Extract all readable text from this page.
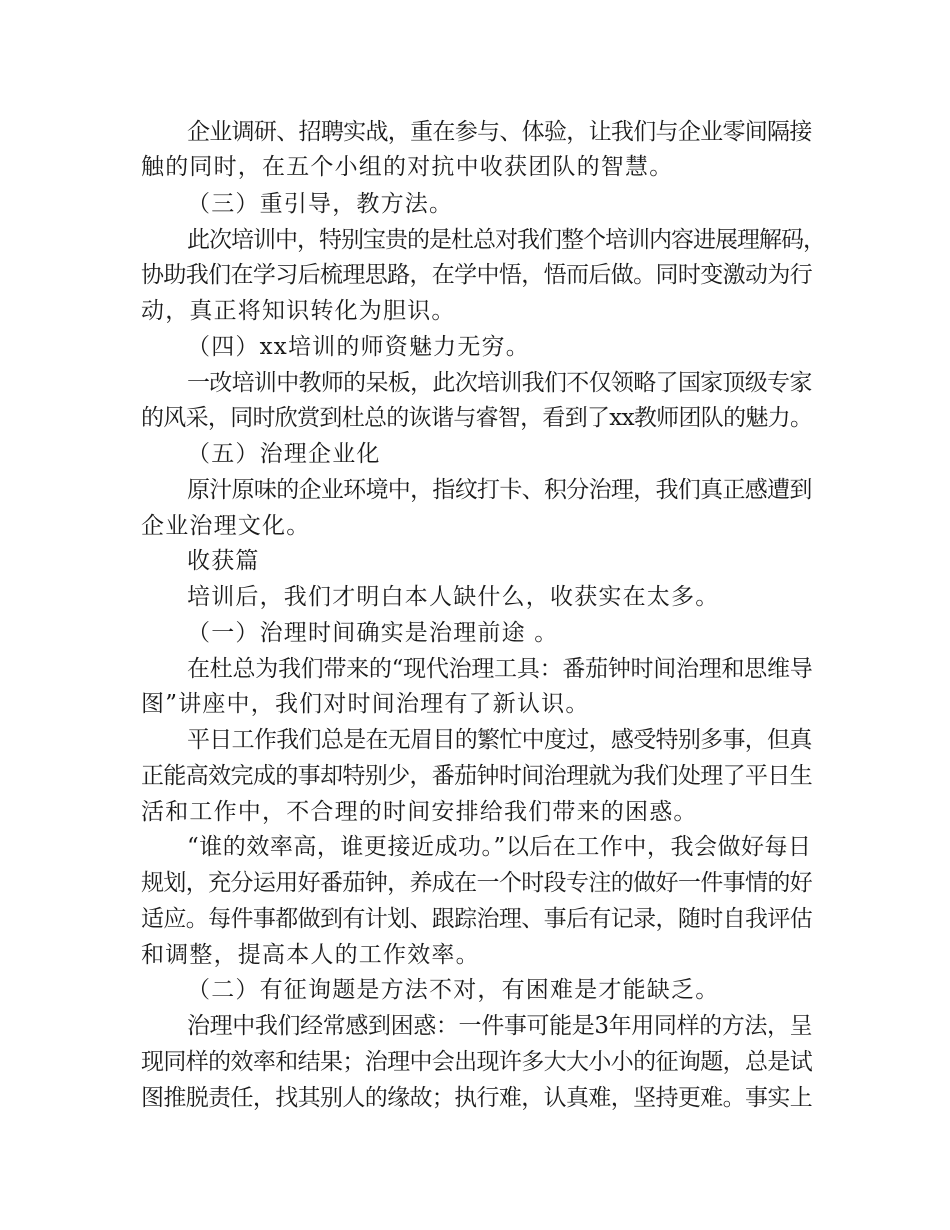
企业调研、招聘实战，重在参与、体验，让我们与企业零间隔接
触的同时，在五个小组的对抗中收获团队的智慧。
（三）重引导，教方法。
此次培训中，特别宝贵的是杜总对我们整个培训内容进展理解码，
协助我们在学习后梳理思路，在学中悟，悟而后做。同时变激动为行
动，真正将知识转化为胆识。
（四）xx培训的师资魅力无穷。
一改培训中教师的呆板，此次培训我们不仅领略了国家顶级专家
的风采，同时欣赏到杜总的诙谐与睿智，看到了xx教师团队的魅力。
（五）治理企业化
原汁原味的企业环境中，指纹打卡、积分治理，我们真正感遭到
企业治理文化。
收获篇
培训后，我们才明白本人缺什么，收获实在太多。
（一）治理时间确实是治理前途 。
在杜总为我们带来的“现代治理工具：番茄钟时间治理和思维导
图”讲座中，我们对时间治理有了新认识。
平日工作我们总是在无眉目的繁忙中度过，感受特别多事，但真
正能高效完成的事却特别少，番茄钟时间治理就为我们处理了平日生
活和工作中，不合理的时间安排给我们带来的困惑。
“谁的效率高，谁更接近成功。”以后在工作中，我会做好每日
规划，充分运用好番茄钟，养成在一个时段专注的做好一件事情的好
适应。每件事都做到有计划、跟踪治理、事后有记录，随时自我评估
和调整，提高本人的工作效率。
（二）有征询题是方法不对，有困难是才能缺乏。
治理中我们经常感到困惑：一件事可能是3年用同样的方法，呈
现同样的效率和结果；治理中会出现许多大大小小的征询题，总是试
图推脱责任，找其别人的缘故；执行难，认真难，坚持更难。事实上
